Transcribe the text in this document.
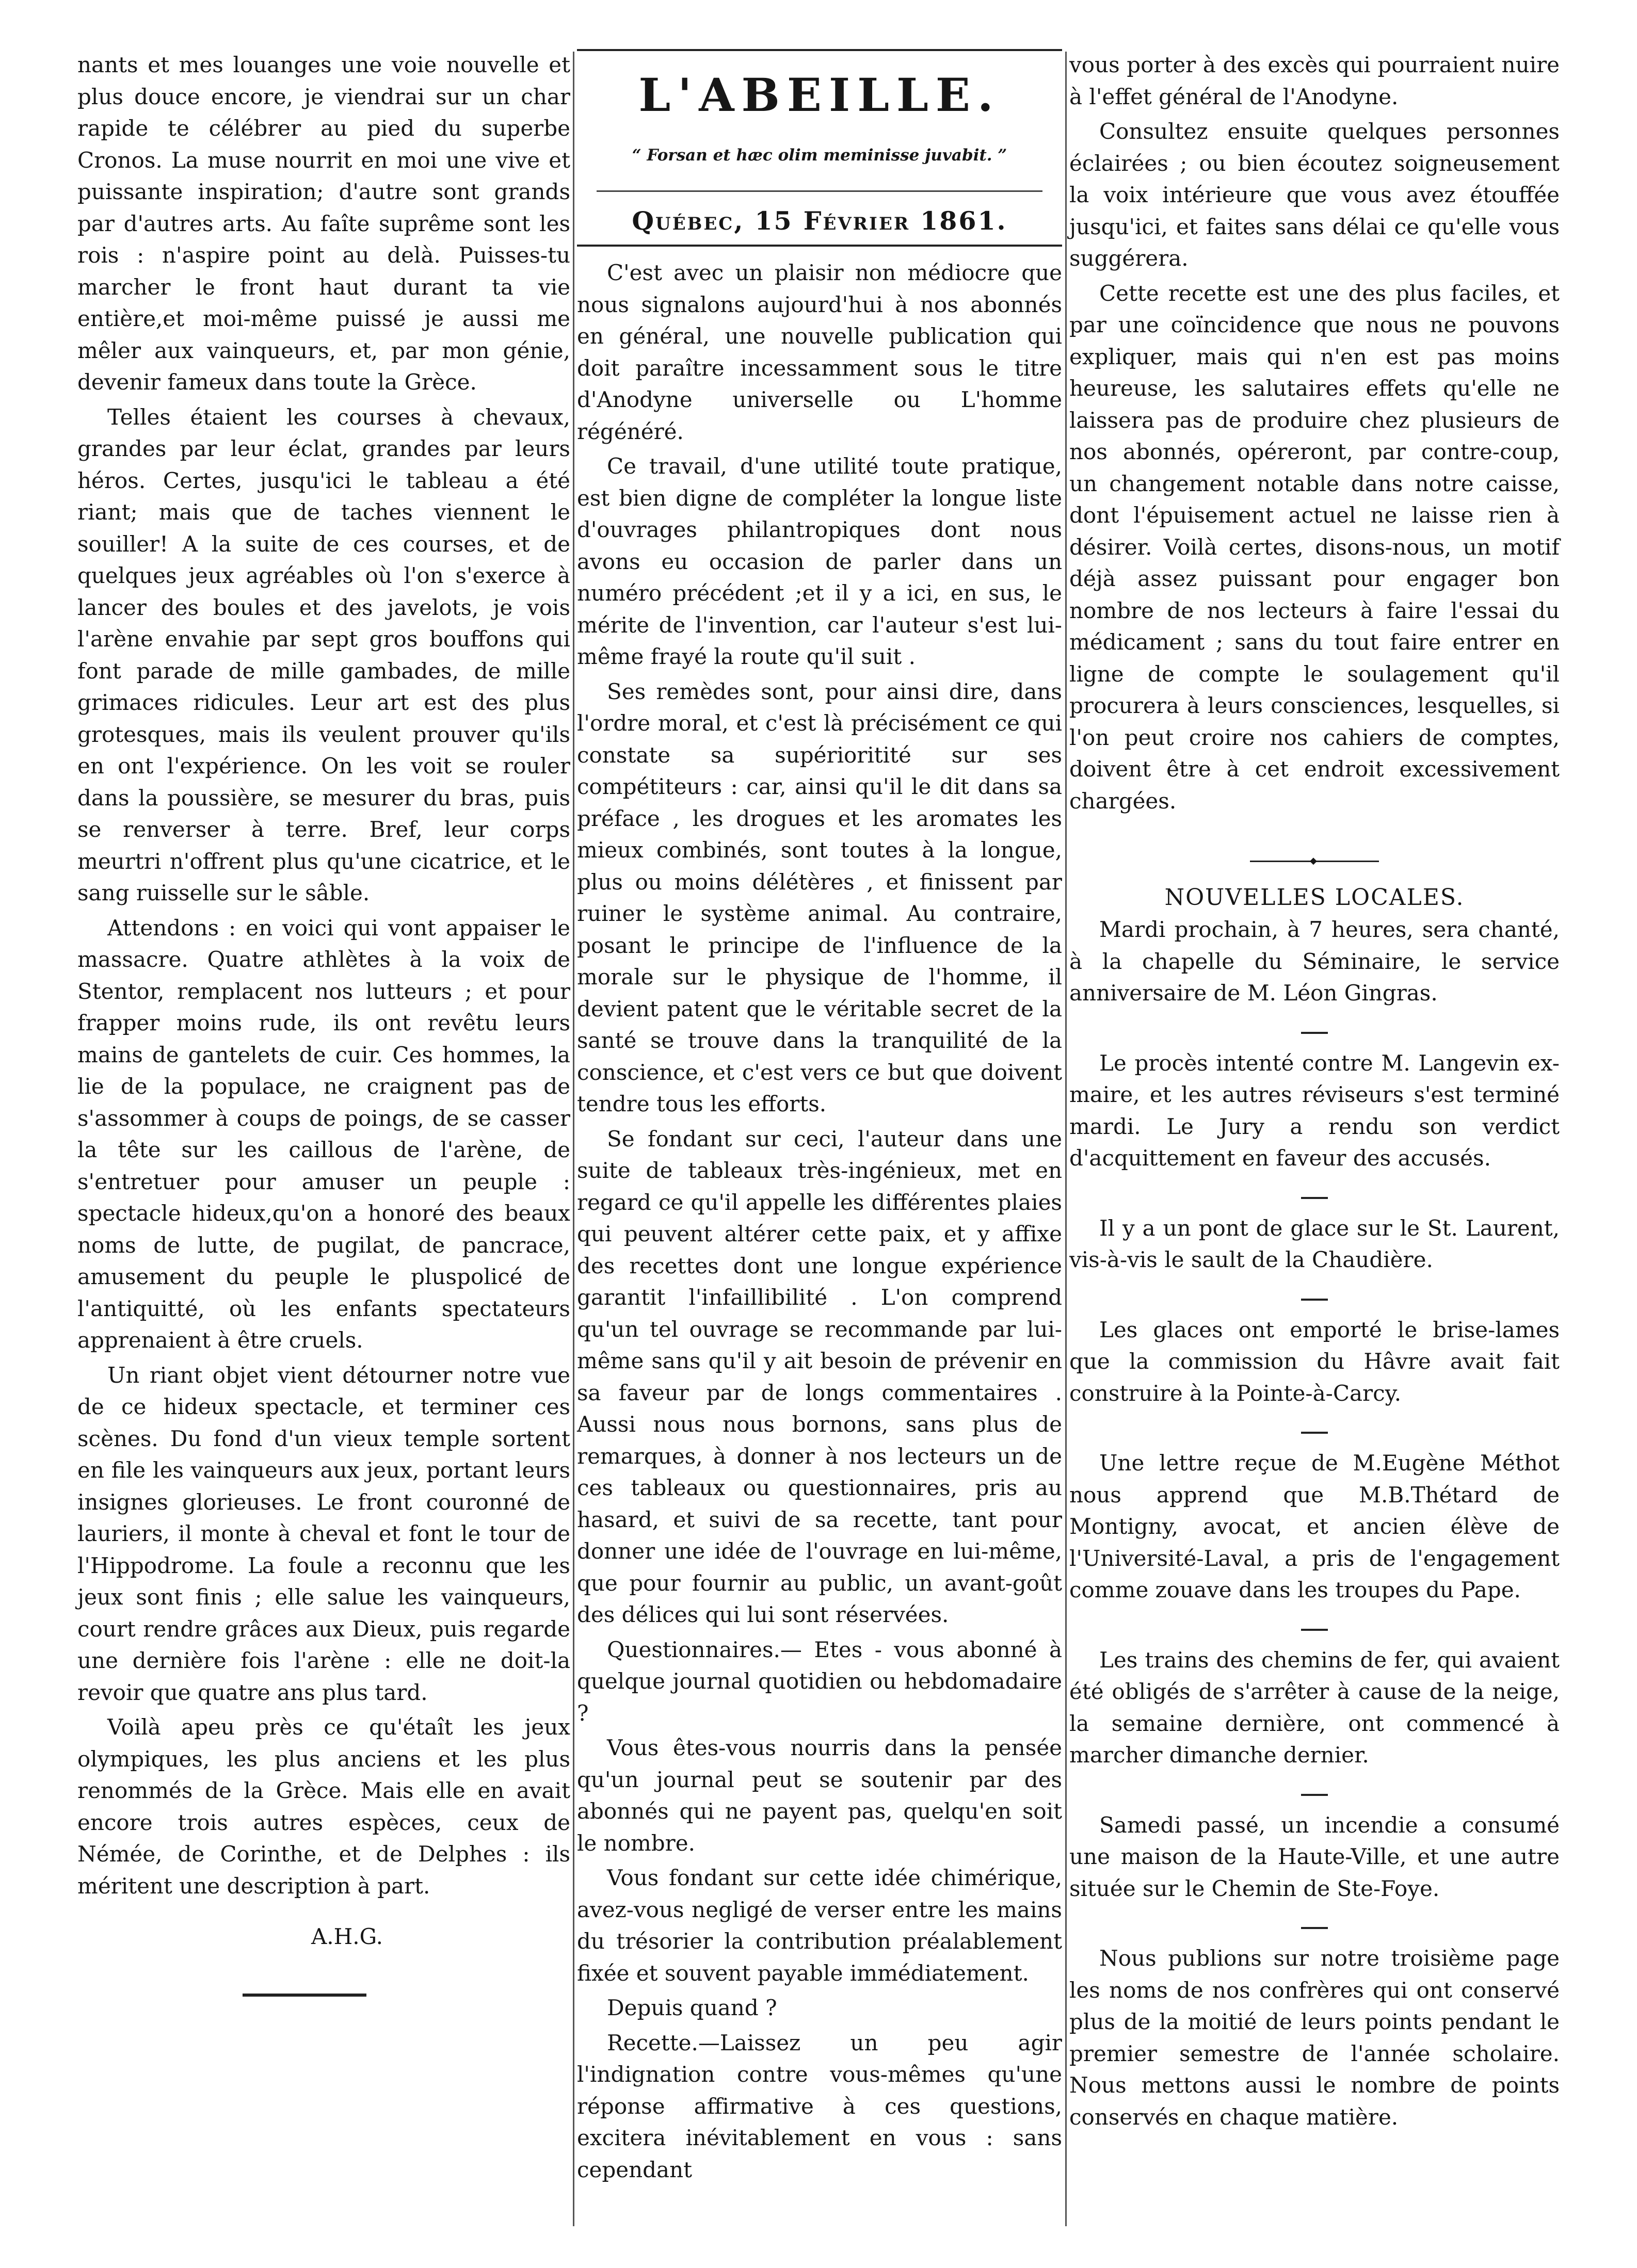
nants et mes louanges une voie nouvelle et plus douce encore, je viendrai sur un char rapide te célébrer au pied du superbe Cronos. La muse nourrit en moi une vive et puissante inspiration; d'autre sont grands par d'autres arts. Au faîte suprême sont les rois : n'aspire point au delà. Puisses-tu marcher le front haut durant ta vie entière,et moi-même puissé je aussi me mêler aux vainqueurs, et, par mon génie, devenir fameux dans toute la Grèce.

Telles étaient les courses à chevaux, grandes par leur éclat, grandes par leurs héros. Certes, jusqu'ici le tableau a été riant; mais que de taches viennent le souiller! A la suite de ces courses, et de quelques jeux agréables où l'on s'exerce à lancer des boules et des javelots, je vois l'arène envahie par sept gros bouffons qui font parade de mille gambades, de mille grimaces ridicules. Leur art est des plus grotesques, mais ils veulent prouver qu'ils en ont l'expérience. On les voit se rouler dans la poussière, se mesurer du bras, puis se renverser à terre. Bref, leur corps meurtri n'offrent plus qu'une cicatrice, et le sang ruisselle sur le sâble.

Attendons : en voici qui vont appaiser le massacre. Quatre athlètes à la voix de Stentor, remplacent nos lutteurs ; et pour frapper moins rude, ils ont revêtu leurs mains de gantelets de cuir. Ces hommes, la lie de la populace, ne craignent pas de s'assommer à coups de poings, de se casser la tête sur les caillous de l'arène, de s'entretuer pour amuser un peuple : spectacle hideux,qu'on a honoré des beaux noms de lutte, de pugilat, de pancrace, amusement du peuple le pluspolicé de l'antiquitté, où les enfants spectateurs apprenaient à être cruels.

Un riant objet vient détourner notre vue de ce hideux spectacle, et terminer ces scènes. Du fond d'un vieux temple sortent en file les vainqueurs aux jeux, portant leurs insignes glorieuses. Le front couronné de lauriers, il monte à cheval et font le tour de l'Hippodrome. La foule a reconnu que les jeux sont finis ; elle salue les vainqueurs, court rendre grâces aux Dieux, puis regarde une dernière fois l'arène : elle ne doit-la revoir que quatre ans plus tard.

Voilà apeu près ce qu'étaît les jeux olympiques, les plus anciens et les plus renommés de la Grèce. Mais elle en avait encore trois autres espèces, ceux de Némée, de Corinthe, et de Delphes : ils méritent une description à part.

A.H.G.
L'ABEILLE.
“ Forsan et hæc olim meminisse juvabit. ”
Québec, 15 Février 1861.

C'est avec un plaisir non médiocre que nous signalons aujourd'hui à nos abonnés en général, une nouvelle publication qui doit paraître incessamment sous le titre d'Anodyne universelle ou L'homme régénéré.

Ce travail, d'une utilité toute pratique, est bien digne de compléter la longue liste d'ouvrages philantropiques dont nous avons eu occasion de parler dans un numéro précédent ;et il y a ici, en sus, le mérite de l'invention, car l'auteur s'est lui-même frayé la route qu'il suit .

Ses remèdes sont, pour ainsi dire, dans l'ordre moral, et c'est là précisément ce qui constate sa supérioritité sur ses compétiteurs : car, ainsi qu'il le dit dans sa préface , les drogues et les aromates les mieux combinés, sont toutes à la longue, plus ou moins délétères , et finissent par ruiner le système animal. Au contraire, posant le principe de l'influence de la morale sur le physique de l'homme, il devient patent que le véritable secret de la santé se trouve dans la tranquilité de la conscience, et c'est vers ce but que doivent tendre tous les efforts.

Se fondant sur ceci, l'auteur dans une suite de tableaux très-ingénieux, met en regard ce qu'il appelle les différentes plaies qui peuvent altérer cette paix, et y affixe des recettes dont une longue expérience garantit l'infaillibilité . L'on comprend qu'un tel ouvrage se recommande par lui-même sans qu'il y ait besoin de prévenir en sa faveur par de longs commentaires . Aussi nous nous bornons, sans plus de remarques, à donner à nos lecteurs un de ces tableaux ou questionnaires, pris au hasard, et suivi de sa recette, tant pour donner une idée de l'ouvrage en lui-même, que pour fournir au public, un avant-goût des délices qui lui sont réservées.

Questionnaires.— Etes - vous abonné à quelque journal quotidien ou hebdomadaire ?

Vous êtes-vous nourris dans la pensée qu'un journal peut se soutenir par des abonnés qui ne payent pas, quelqu'en soit le nombre.

Vous fondant sur cette idée chimérique, avez-vous negligé de verser entre les mains du trésorier la contribution préalablement fixée et souvent payable immédiatement.

Depuis quand ?

Recette.—Laissez un peu agir l'indignation contre vous-mêmes qu'une réponse affirmative à ces questions, excitera inévitablement en vous : sans cependant

vous porter à des excès qui pourraient nuire à l'effet général de l'Anodyne.

Consultez ensuite quelques personnes éclairées ; ou bien écoutez soigneusement la voix intérieure que vous avez étouffée jusqu'ici, et faites sans délai ce qu'elle vous suggérera.

Cette recette est une des plus faciles, et par une coïncidence que nous ne pouvons expliquer, mais qui n'en est pas moins heureuse, les salutaires effets qu'elle ne laissera pas de produire chez plusieurs de nos abonnés, opéreront, par contre-coup, un changement notable dans notre caisse, dont l'épuisement actuel ne laisse rien à désirer. Voilà certes, disons-nous, un motif déjà assez puissant pour engager bon nombre de nos lecteurs à faire l'essai du médicament ; sans du tout faire entrer en ligne de compte le soulagement qu'il procurera à leurs consciences, lesquelles, si l'on peut croire nos cahiers de comptes, doivent être à cet endroit excessivement chargées.

◆
NOUVELLES LOCALES.

Mardi prochain, à 7 heures, sera chanté, à la chapelle du Séminaire, le service anniversaire de M. Léon Gingras.

Le procès intenté contre M. Langevin ex-maire, et les autres réviseurs s'est terminé mardi. Le Jury a rendu son verdict d'acquittement en faveur des accusés.

Il y a un pont de glace sur le St. Laurent, vis-à-vis le sault de la Chaudière.

Les glaces ont emporté le brise-lames que la commission du Hâvre avait fait construire à la Pointe-à-Carcy.

Une lettre reçue de M.Eugène Méthot nous apprend que M.B.Thétard de Montigny, avocat, et ancien élève de l'Université-Laval, a pris de l'engagement comme zouave dans les troupes du Pape.

Les trains des chemins de fer, qui avaient été obligés de s'arrêter à cause de la neige, la semaine dernière, ont commencé à marcher dimanche dernier.

Samedi passé, un incendie a consumé une maison de la Haute-Ville, et une autre située sur le Chemin de Ste-Foye.

Nous publions sur notre troisième page les noms de nos confrères qui ont conservé plus de la moitié de leurs points pendant le premier semestre de l'année scholaire. Nous mettons aussi le nombre de points conservés en chaque matière.
